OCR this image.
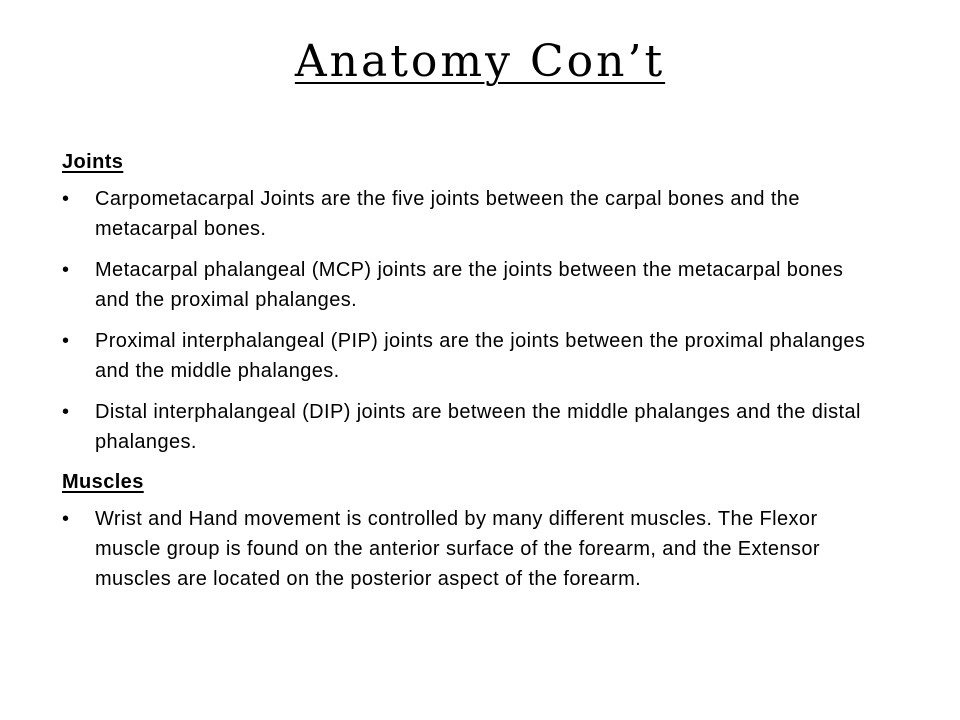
Anatomy Con’t
Joints
• Carpometacarpal Joints are the five joints between the carpal bones and the metacarpal bones.
• Metacarpal phalangeal (MCP) joints are the joints between the metacarpal bones and the proximal phalanges.
• Proximal interphalangeal (PIP) joints are the joints between the proximal phalanges and the middle phalanges.
• Distal interphalangeal (DIP) joints are between the middle phalanges and the distal phalanges.
Muscles
• Wrist and Hand movement is controlled by many different muscles. The Flexor muscle group is found on the anterior surface of the forearm, and the Extensor muscles are located on the posterior aspect of the forearm.
